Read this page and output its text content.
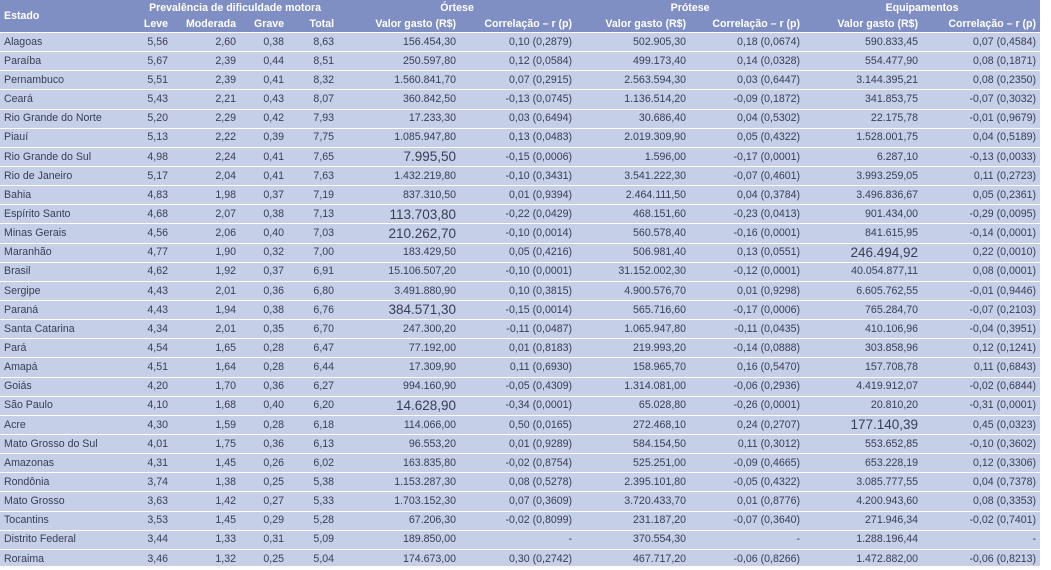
Estado	Prevalência de dificuldade motora				Órtese		Prótese		Equipamentos	
	Leve	Moderada	Grave	Total	Valor gasto (R$)	Correlação – r (p)	Valor gasto (R$)	Correlação – r (p)	Valor gasto (R$)	Correlação – r (p)
Alagoas	5,56	2,60	0,38	8,63	156.454,30	0,10 (0,2879)	502.905,30	0,18 (0,0674)	590.833,45	0,07 (0,4584)
Paraíba	5,67	2,39	0,44	8,51	250.597,80	0,12 (0,0584)	499.173,40	0,14 (0,0328)	554.477,90	0,08 (0,1871)
Pernambuco	5,51	2,39	0,41	8,32	1.560.841,70	0,07 (0,2915)	2.563.594,30	0,03 (0,6447)	3.144.395,21	0,08 (0,2350)
Ceará	5,43	2,21	0,43	8,07	360.842,50	-0,13 (0,0745)	1.136.514,20	-0,09 (0,1872)	341.853,75	-0,07 (0,3032)
Rio Grande do Norte	5,20	2,29	0,42	7,93	17.233,30	0,03 (0,6494)	30.686,40	0,04 (0,5302)	22.175,78	-0,01 (0,9679)
Piauí	5,13	2,22	0,39	7,75	1.085.947,80	0,13 (0,0483)	2.019.309,90	0,05 (0,4322)	1.528.001,75	0,04 (0,5189)
Rio Grande do Sul	4,98	2,24	0,41	7,65	7.995,50	-0,15 (0,0006)	1.596,00	-0,17 (0,0001)	6.287,10	-0,13 (0,0033)
Rio de Janeiro	5,17	2,04	0,41	7,63	1.432.219,80	-0,10 (0,3431)	3.541.222,30	-0,07 (0,4601)	3.993.259,05	0,11 (0,2723)
Bahia	4,83	1,98	0,37	7,19	837.310,50	0,01 (0,9394)	2.464.111,50	0,04 (0,3784)	3.496.836,67	0,05 (0,2361)
Espírito Santo	4,68	2,07	0,38	7,13	113.703,80	-0,22 (0,0429)	468.151,60	-0,23 (0,0413)	901.434,00	-0,29 (0,0095)
Minas Gerais	4,56	2,06	0,40	7,03	210.262,70	-0,10 (0,0014)	560.578,40	-0,16 (0,0001)	841.615,95	-0,14 (0,0001)
Maranhão	4,77	1,90	0,32	7,00	183.429,50	0,05 (0,4216)	506.981,40	0,13 (0,0551)	246.494,92	0,22 (0,0010)
Brasil	4,62	1,92	0,37	6,91	15.106.507,20	-0,10 (0,0001)	31.152.002,30	-0,12 (0,0001)	40.054.877,11	0,08 (0,0001)
Sergipe	4,43	2,01	0,36	6,80	3.491.880,90	0,10 (0,3815)	4.900.576,70	0,01 (0,9298)	6.605.762,55	-0,01 (0,9446)
Paraná	4,43	1,94	0,38	6,76	384.571,30	-0,15 (0,0014)	565.716,60	-0,17 (0,0006)	765.284,70	-0,07 (0,2103)
Santa Catarina	4,34	2,01	0,35	6,70	247.300,20	-0,11 (0,0487)	1.065.947,80	-0,11 (0,0435)	410.106,96	-0,04 (0,3951)
Pará	4,54	1,65	0,28	6,47	77.192,00	0,01 (0,8183)	219.993,20	-0,14 (0,0888)	303.858,96	0,12 (0,1241)
Amapá	4,51	1,64	0,28	6,44	17.309,90	0,11 (0,6930)	158.965,70	0,16 (0,5470)	157.708,78	0,11 (0,6843)
Goiás	4,20	1,70	0,36	6,27	994.160,90	-0,05 (0,4309)	1.314.081,00	-0,06 (0,2936)	4.419.912,07	-0,02 (0,6844)
São Paulo	4,10	1,68	0,40	6,20	14.628,90	-0,34 (0,0001)	65.028,80	-0,26 (0,0001)	20.810,20	-0,31 (0,0001)
Acre	4,30	1,59	0,28	6,18	114.066,00	0,50 (0,0165)	272.468,10	0,24 (0,2707)	177.140,39	0,45 (0,0323)
Mato Grosso do Sul	4,01	1,75	0,36	6,13	96.553,20	0,01 (0,9289)	584.154,50	0,11 (0,3012)	553.652,85	-0,10 (0,3602)
Amazonas	4,31	1,45	0,26	6,02	163.835,80	-0,02 (0,8754)	525.251,00	-0,09 (0,4665)	653.228,19	0,12 (0,3306)
Rondônia	3,74	1,38	0,25	5,38	1.153.287,30	0,08 (0,5278)	2.395.101,80	-0,05 (0,4322)	3.085.777,55	0,04 (0,7378)
Mato Grosso	3,63	1,42	0,27	5,33	1.703.152,30	0,07 (0,3609)	3.720.433,70	0,01 (0,8776)	4.200.943,60	0,08 (0,3353)
Tocantins	3,53	1,45	0,29	5,28	67.206,30	-0,02 (0,8099)	231.187,20	-0,07 (0,3640)	271.946,34	-0,02 (0,7401)
Distrito Federal	3,44	1,33	0,31	5,09	189.850,00	-	370.554,30	-	1.288.196,44	-
Roraima	3,46	1,32	0,25	5,04	174.673,00	0,30 (0,2742)	467.717,20	-0,06 (0,8266)	1.472.882,00	-0,06 (0,8213)
